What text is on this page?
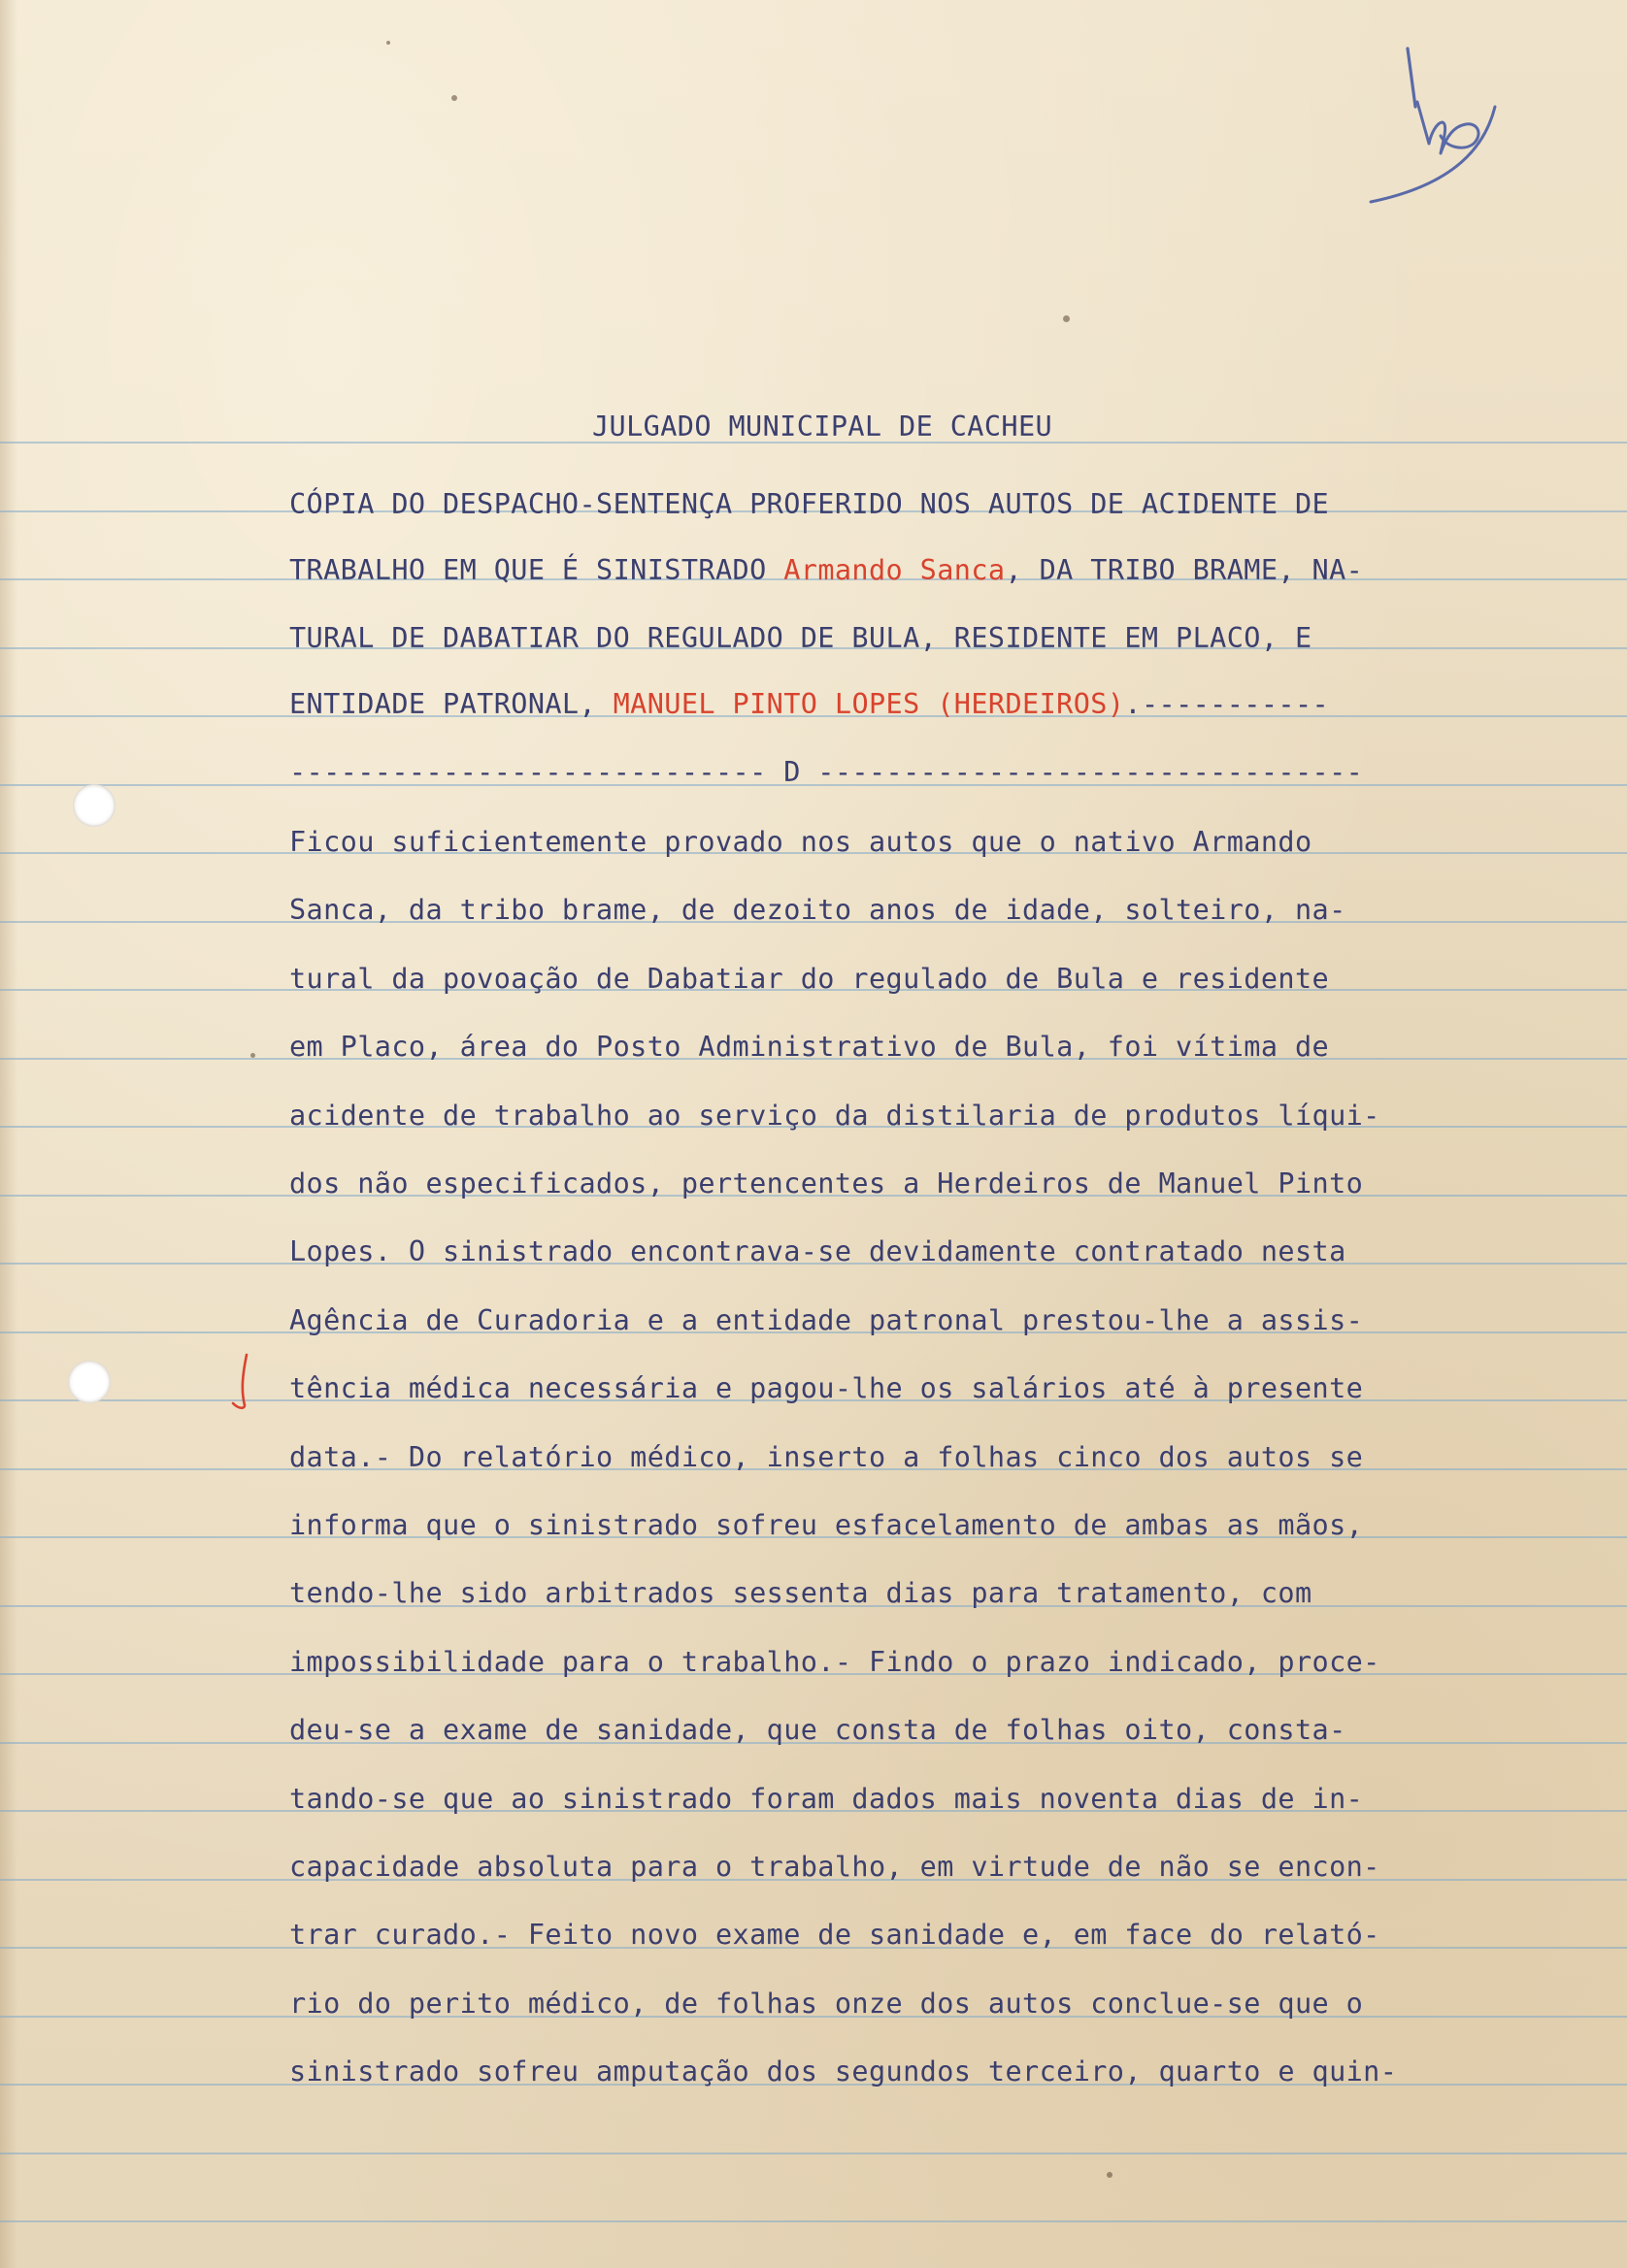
JULGADO MUNICIPAL DE CACHEU
CÓPIA DO DESPACHO-SENTENÇA PROFERIDO NOS AUTOS DE ACIDENTE DE
TRABALHO EM QUE É SINISTRADO Armando Sanca, DA TRIBO BRAME, NA-
TURAL DE DABATIAR DO REGULADO DE BULA, RESIDENTE EM PLACO, E
ENTIDADE PATRONAL, MANUEL PINTO LOPES (HERDEIROS).-----------
---------------------------- D --------------------------------
Ficou suficientemente provado nos autos que o nativo Armando
Sanca, da tribo brame, de dezoito anos de idade, solteiro, na-
tural da povoação de Dabatiar do regulado de Bula e residente
em Placo, área do Posto Administrativo de Bula, foi vítima de
acidente de trabalho ao serviço da distilaria de produtos líqui-
dos não especificados, pertencentes a Herdeiros de Manuel Pinto
Lopes. O sinistrado encontrava-se devidamente contratado nesta
Agência de Curadoria e a entidade patronal prestou-lhe a assis-
tência médica necessária e pagou-lhe os salários até à presente
data.- Do relatório médico, inserto a folhas cinco dos autos se
informa que o sinistrado sofreu esfacelamento de ambas as mãos,
tendo-lhe sido arbitrados sessenta dias para tratamento, com
impossibilidade para o trabalho.- Findo o prazo indicado, proce-
deu-se a exame de sanidade, que consta de folhas oito, consta-
tando-se que ao sinistrado foram dados mais noventa dias de in-
capacidade absoluta para o trabalho, em virtude de não se encon-
trar curado.- Feito novo exame de sanidade e, em face do relató-
rio do perito médico, de folhas onze dos autos conclue-se que o
sinistrado sofreu amputação dos segundos terceiro, quarto e quin-
